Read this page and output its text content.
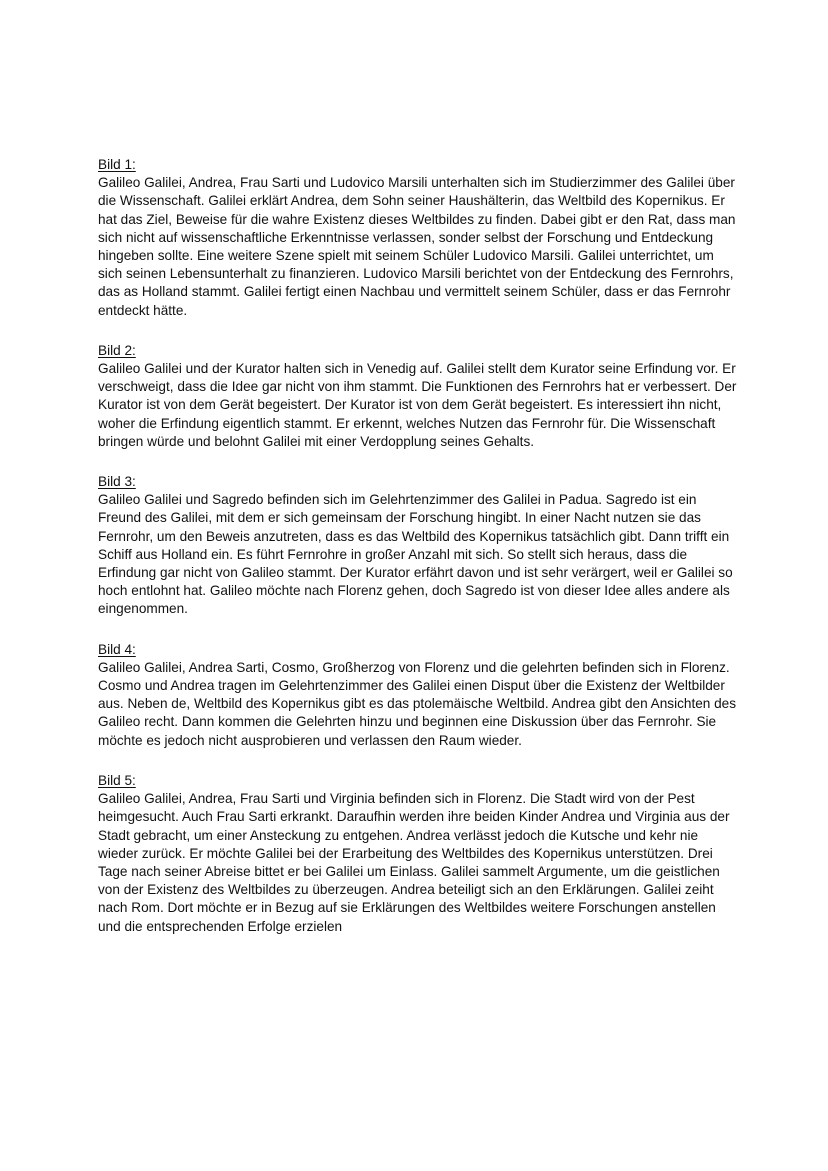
Bild 1:

Galileo Galilei, Andrea, Frau Sarti und Ludovico Marsili unterhalten sich im Studierzimmer des Galilei über die Wissenschaft. Galilei erklärt Andrea, dem Sohn seiner Haushälterin, das Weltbild des Kopernikus. Er hat das Ziel, Beweise für die wahre Existenz dieses Weltbildes zu finden. Dabei gibt er den Rat, dass man sich nicht auf wissenschaftliche Erkenntnisse verlassen, sonder selbst der Forschung und Entdeckung hingeben sollte. Eine weitere Szene spielt mit seinem Schüler Ludovico Marsili. Galilei unterrichtet, um sich seinen Lebensunterhalt zu finanzieren. Ludovico Marsili berichtet von der Entdeckung des Fernrohrs, das as Holland stammt. Galilei fertigt einen Nachbau und vermittelt seinem Schüler, dass er das Fernrohr entdeckt hätte.

Bild 2:

Galileo Galilei und der Kurator halten sich in Venedig auf. Galilei stellt dem Kurator seine Erfindung vor. Er verschweigt, dass die Idee gar nicht von ihm stammt. Die Funktionen des Fernrohrs hat er verbessert. Der Kurator ist von dem Gerät begeistert. Der Kurator ist von dem Gerät begeistert. Es interessiert ihn nicht, woher die Erfindung eigentlich stammt. Er erkennt, welches Nutzen das Fernrohr für. Die Wissenschaft bringen würde und belohnt Galilei mit einer Verdopplung seines Gehalts.

Bild 3:

Galileo Galilei und Sagredo befinden sich im Gelehrtenzimmer des Galilei in Padua. Sagredo ist ein Freund des Galilei, mit dem er sich gemeinsam der Forschung hingibt. In einer Nacht nutzen sie das Fernrohr, um den Beweis anzutreten, dass es das Weltbild des Kopernikus tatsächlich gibt. Dann trifft ein Schiff aus Holland ein. Es führt Fernrohre in großer Anzahl mit sich. So stellt sich heraus, dass die Erfindung gar nicht von Galileo stammt. Der Kurator erfährt davon und ist sehr verärgert, weil er Galilei so hoch entlohnt hat. Galileo möchte nach Florenz gehen, doch Sagredo ist von dieser Idee alles andere als eingenommen.

Bild 4:

Galileo Galilei, Andrea Sarti, Cosmo, Großherzog von Florenz und die gelehrten befinden sich in Florenz. Cosmo und Andrea tragen im Gelehrtenzimmer des Galilei einen Disput über die Existenz der Weltbilder aus. Neben de, Weltbild des Kopernikus gibt es das ptolemäische Weltbild. Andrea gibt den Ansichten des Galileo recht. Dann kommen die Gelehrten hinzu und beginnen eine Diskussion über das Fernrohr. Sie möchte es jedoch nicht ausprobieren und verlassen den Raum wieder.

Bild 5:

Galileo Galilei, Andrea, Frau Sarti und Virginia befinden sich in Florenz. Die Stadt wird von der Pest heimgesucht. Auch Frau Sarti erkrankt. Daraufhin werden ihre beiden Kinder Andrea und Virginia aus der Stadt gebracht, um einer Ansteckung zu entgehen. Andrea verlässt jedoch die Kutsche und kehr nie wieder zurück. Er möchte Galilei bei der Erarbeitung des Weltbildes des Kopernikus unterstützen. Drei Tage nach seiner Abreise bittet er bei Galilei um Einlass. Galilei sammelt Argumente, um die geistlichen von der Existenz des Weltbildes zu überzeugen. Andrea beteiligt sich an den Erklärungen. Galilei zeiht nach Rom. Dort möchte er in Bezug auf sie Erklärungen des Weltbildes weitere Forschungen anstellen und die entsprechenden Erfolge erzielen
